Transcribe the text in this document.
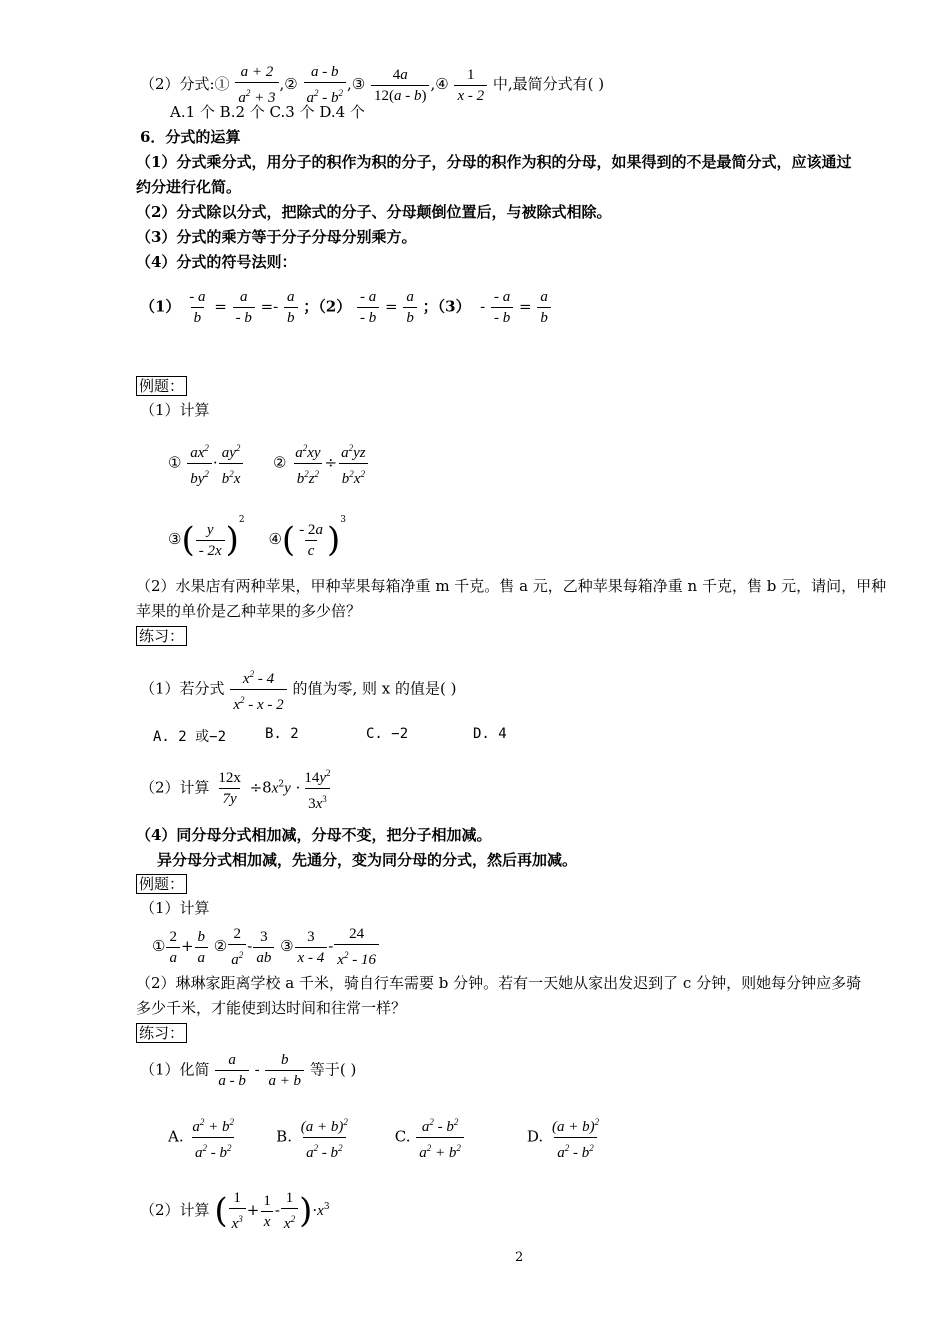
（2）分式:① $\frac{a + 2}{a^2 + 3}$ ,② $\frac{a - b}{a^2 - b^2}$ ,③ $\frac{4a}{12(a - b)}$ ,④ $\frac{1}{x - 2}$ 中,最简分式有( )
A.1 个 B.2 个 C.3 个 D.4 个
6．分式的运算
（1）分式乘分式，用分子的积作为积的分子，分母的积作为积的分母，如果得到的不是最简分式，应该通过
约分进行化简。
（2）分式除以分式，把除式的分子、分母颠倒位置后，与被除式相除。
（3）分式的乘方等于分子分母分别乘方。
（4）分式的符号法则：
$(1) \frac{- a}{b} = \frac{a}{- b} =- \frac{a}{b}$ ；$(2) \frac{- a}{- b} = \frac{a}{b}$ ；$(3) - \frac{- a}{- b} = \frac{a}{b}$
例题：
（1）计算
① $\frac{ax^2}{by^2} \cdot \frac{ay^2}{b^2x}$ ② $\frac{a^2xy}{b^2z^2} \div \frac{a^2yz}{b^2x^2}$
③( $\frac{y}{- 2x} )^2$     ④( $\frac{- 2a}{c} )^3$
（2）水果店有两种苹果，甲种苹果每箱净重 m 千克。售 a 元，乙种苹果每箱净重 n 千克，售 b 元，请问，甲种
苹果的单价是乙种苹果的多少倍？
练习：
（1）若分式 $\frac{x^2 - 4}{x^2 - x - 2}$ 的值为零, 则 x 的值是( )
A. 2 或−2	B. 2	C. −2	D. 4
（2）计算 $\frac{12x}{7y} \div 8x^2y \cdot \frac{14y^2}{3x^3}$
（4）同分母分式相加减，分母不变，把分子相加减。
异分母分式相加减，先通分，变为同分母的分式，然后再加减。
例题：
（1）计算
① $\frac{2}{a} + \frac{b}{a}$ ② $\frac{2}{a^2} - \frac{3}{ab}$ ③ $\frac{3}{x - 4} - \frac{24}{x^2 - 16}$
（2）琳琳家距离学校 a 千米，骑自行车需要 b 分钟。若有一天她从家出发迟到了 c 分钟，则她每分钟应多骑
多少千米，才能使到达时间和往常一样？
练习：
（1）化简 $\frac{a}{a - b} - \frac{b}{a + b}$ 等于( )
A. $\frac{a^2 + b^2}{a^2 - b^2}$	B. $\frac{(a + b)^2}{a^2 - b^2}$	C. $\frac{a^2 - b^2}{a^2 + b^2}$	D. $\frac{(a + b)^2}{a^2 - b^2}$
（2）计算 ( $\frac{1}{x^3} + \frac{1}{x} - \frac{1}{x^2} )\cdot x^3$
2
